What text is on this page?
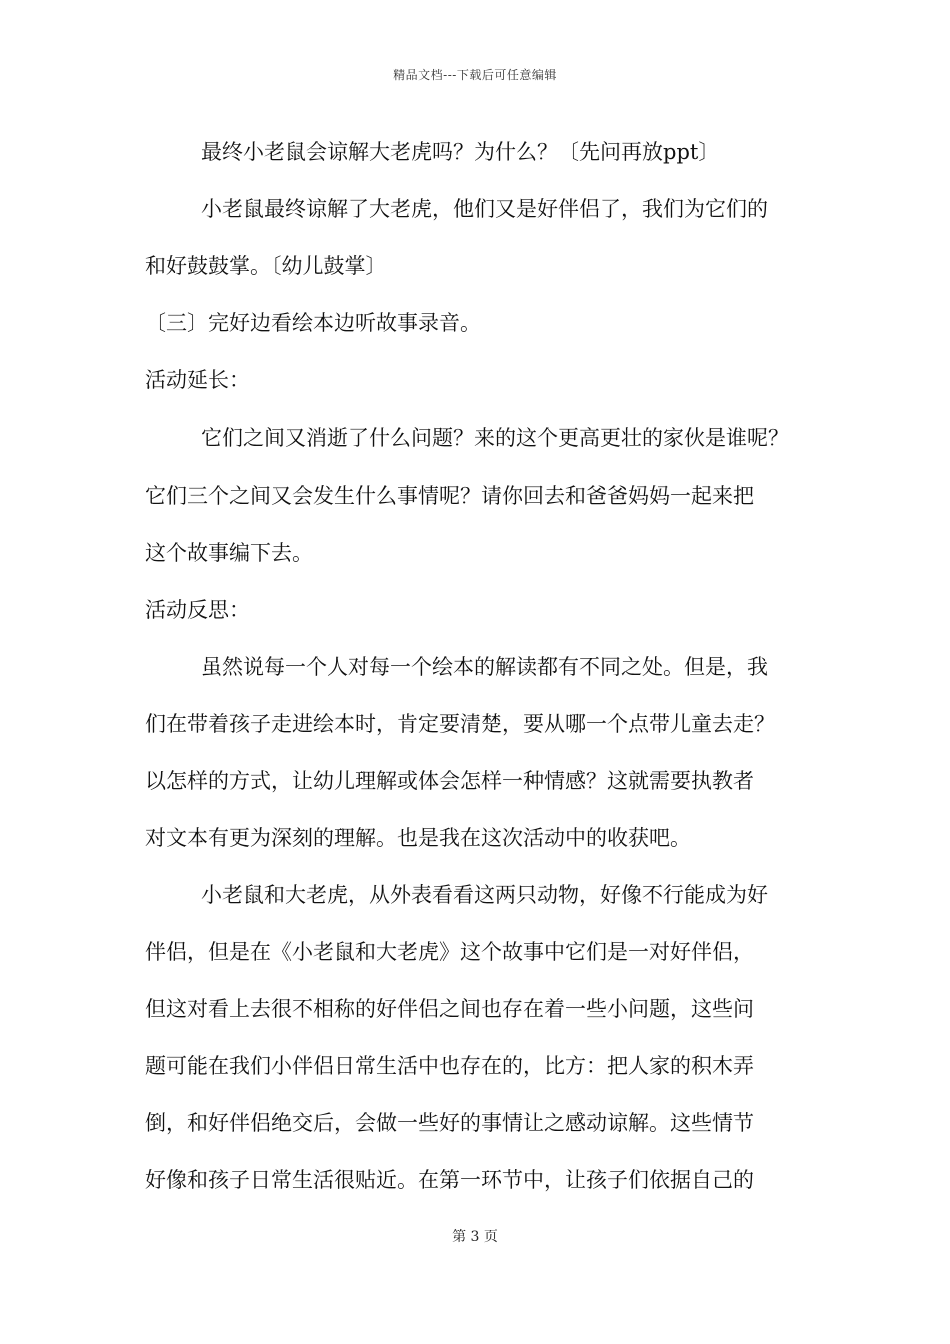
精品文档---下载后可任意编辑
最终小老鼠会谅解大老虎吗？为什么？〔先问再放ppt〕
小老鼠最终谅解了大老虎，他们又是好伴侣了，我们为它们的
和好鼓鼓掌。〔幼儿鼓掌〕
〔三〕完好边看绘本边听故事录音。
活动延长：
它们之间又消逝了什么问题？来的这个更高更壮的家伙是谁呢？
它们三个之间又会发生什么事情呢？请你回去和爸爸妈妈一起来把
这个故事编下去。
活动反思：
虽然说每一个人对每一个绘本的解读都有不同之处。但是，我
们在带着孩子走进绘本时，肯定要清楚，要从哪一个点带儿童去走？
以怎样的方式，让幼儿理解或体会怎样一种情感？这就需要执教者
对文本有更为深刻的理解。也是我在这次活动中的收获吧。
小老鼠和大老虎，从外表看看这两只动物，好像不行能成为好
伴侣，但是在《小老鼠和大老虎》这个故事中它们是一对好伴侣，
但这对看上去很不相称的好伴侣之间也存在着一些小问题，这些问
题可能在我们小伴侣日常生活中也存在的，比方：把人家的积木弄
倒，和好伴侣绝交后，会做一些好的事情让之感动谅解。这些情节
好像和孩子日常生活很贴近。在第一环节中，让孩子们依据自己的
第 3 页
